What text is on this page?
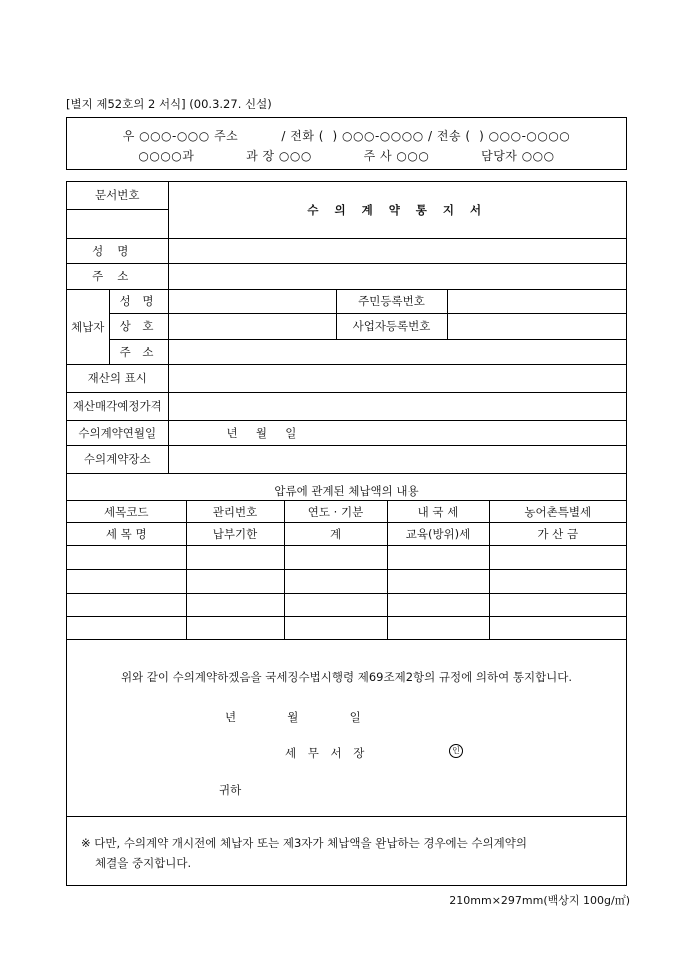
[별지 제52호의 2 서식] (00.3.27. 신설)
우 ○○○-○○○ 주소          / 전화 (  ) ○○○-○○○○ / 전송 (  ) ○○○-○○○○
○○○○과            과 장 ○○○            주 사 ○○○            담당자 ○○○
문서번호		수 의 계 약 통 지 서		

성명				
주소				
체납자	성 명		주민등록번호	
	상 호		사업자등록번호	
	주 소			
재산의 표시				
재산매각예정가격				
수의계약연월일		년     월     일		
수의계약장소				
압류에 관계된 체납액의 내용
세목코드	관리번호	연도 · 기분	내 국 세	농어촌특별세
세 목 명	납부기한	계	교육(방위)세	가 산 금

위와 같이 수의계약하겠음을 국세징수법시행령 제69조제2항의 규정에 의하여 통지합니다.
년              월              일
세 무 서 장	인
귀하
※ 다만, 수의계약 개시전에 체납자 또는 제3자가 체납액을 완납하는 경우에는 수의계약의
체결을 중지합니다.
210mm×297mm(백상지 100g/㎡)
